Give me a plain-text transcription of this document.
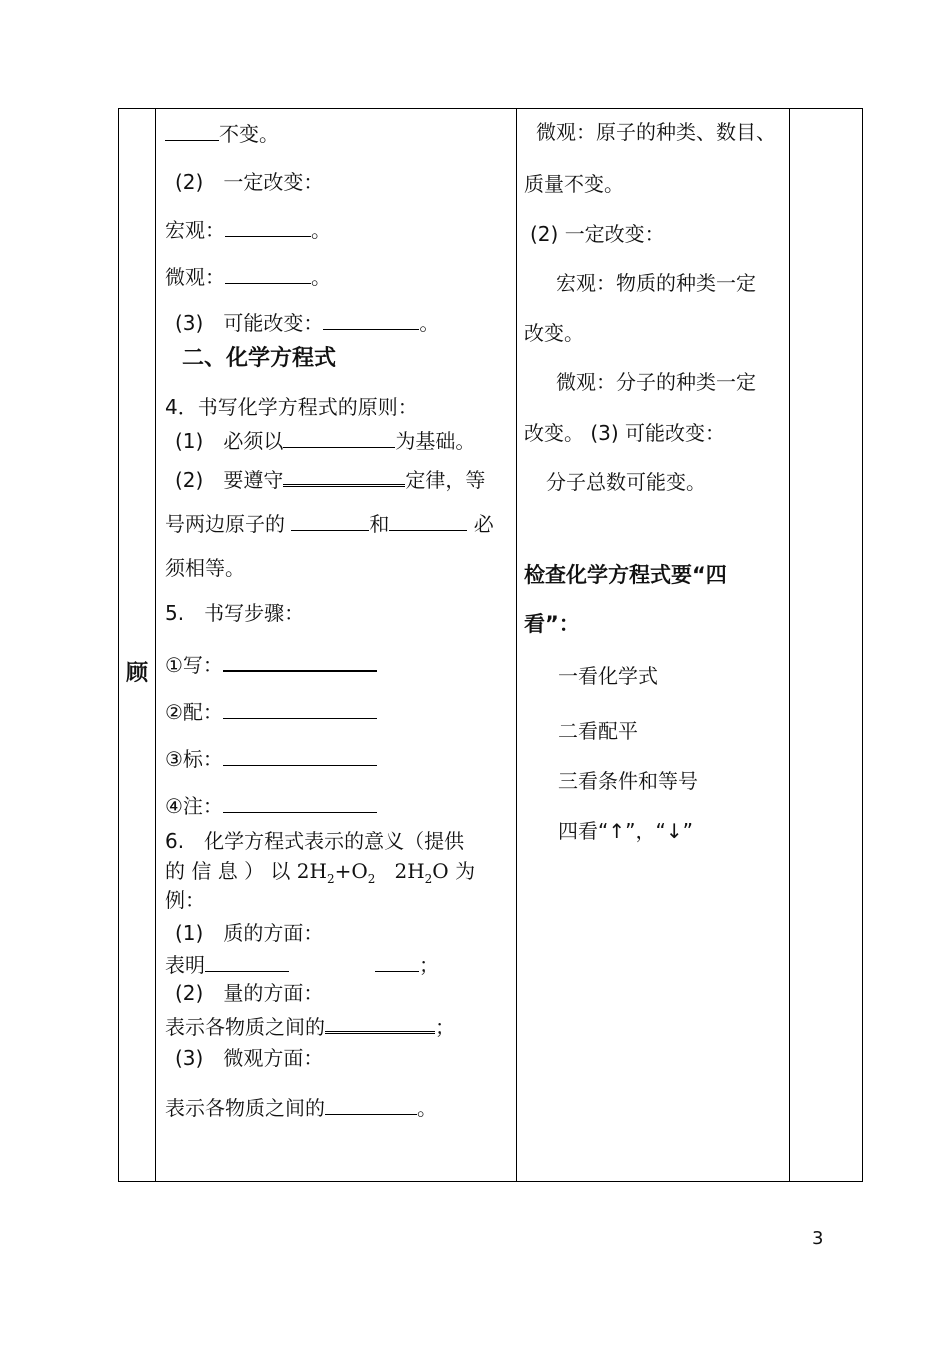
顾
不变。
(2)　一定改变：
宏观：	。
微观：	。
(3)　可能改变：	。
二、化学方程式
4．书写化学方程式的原则：
(1)　必须以	为基础。
(2)　要遵守	定律，等
号两边原子的	和	必
须相等。
5.　书写步骤：
①写：
②配：
③标：
④注：
6.　化学方程式表示的意义（提供
的 信 息 ） 以 $2H_2+O_2$ $2H_2O$ 为
例：
(1)　质的方面：
表明	；
(2)　量的方面：
表示各物质之间的	；
(3)　微观方面：
表示各物质之间的	。
微观：原子的种类、数目、
质量不变。
(2) 一定改变：
宏观：物质的种类一定
改变。
微观：分子的种类一定
改变。 (3) 可能改变：
分子总数可能变。
检查化学方程式要“四
看”：
一看化学式
二看配平
三看条件和等号
四看“↑”，“↓”
3
